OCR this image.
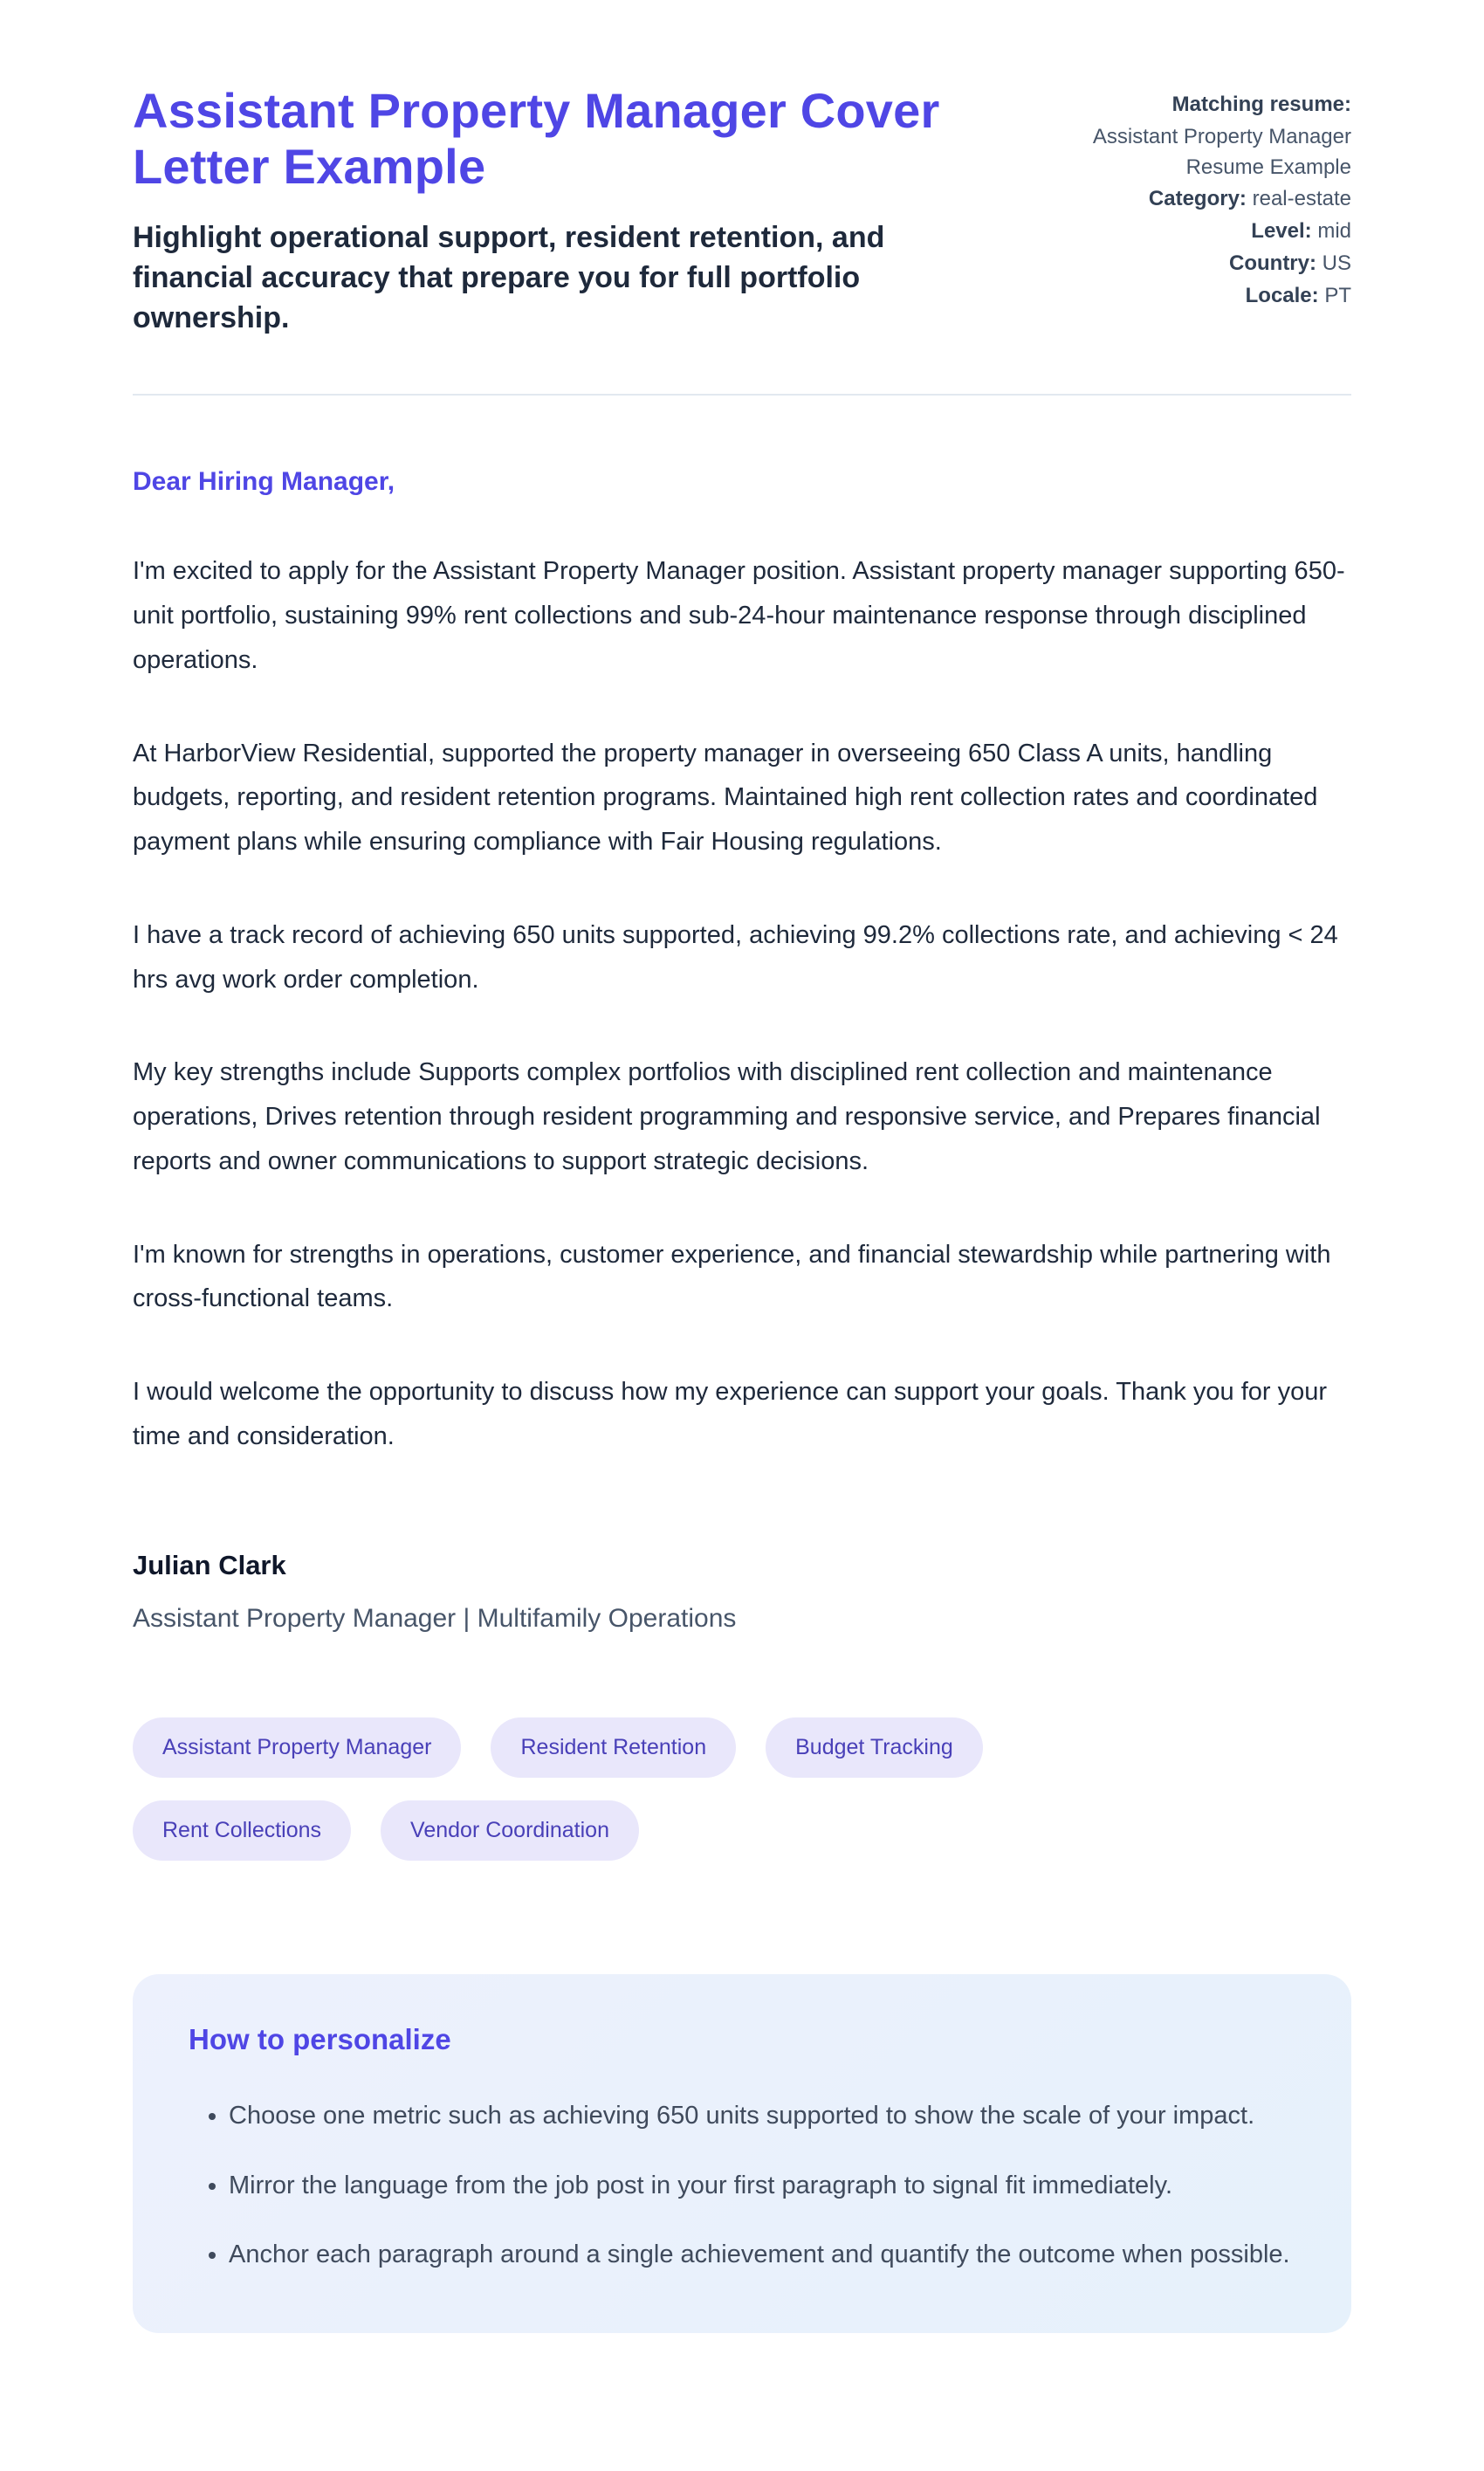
Assistant Property Manager Cover Letter Example
Highlight operational support, resident retention, and financial accuracy that prepare you for full portfolio ownership.
Matching resume:
Assistant Property Manager Resume Example
Category: real-estate
Level: mid
Country: US
Locale: PT
Dear Hiring Manager,

I'm excited to apply for the Assistant Property Manager position. Assistant property manager supporting 650-unit portfolio, sustaining 99% rent collections and sub-24-hour maintenance response through disciplined operations.

At HarborView Residential, supported the property manager in overseeing 650 Class A units, handling budgets, reporting, and resident retention programs. Maintained high rent collection rates and coordinated payment plans while ensuring compliance with Fair Housing regulations.

I have a track record of achieving 650 units supported, achieving 99.2% collections rate, and achieving < 24 hrs avg work order completion.

My key strengths include Supports complex portfolios with disciplined rent collection and maintenance operations, Drives retention through resident programming and responsive service, and Prepares financial reports and owner communications to support strategic decisions.

I'm known for strengths in operations, customer experience, and financial stewardship while partnering with cross-functional teams.

I would welcome the opportunity to discuss how my experience can support your goals. Thank you for your time and consideration.

Julian Clark
Assistant Property Manager | Multifamily Operations
Assistant Property Manager	Resident Retention	Budget Tracking
Rent Collections	Vendor Coordination
How to personalize
• Choose one metric such as achieving 650 units supported to show the scale of your impact.
• Mirror the language from the job post in your first paragraph to signal fit immediately.
• Anchor each paragraph around a single achievement and quantify the outcome when possible.
